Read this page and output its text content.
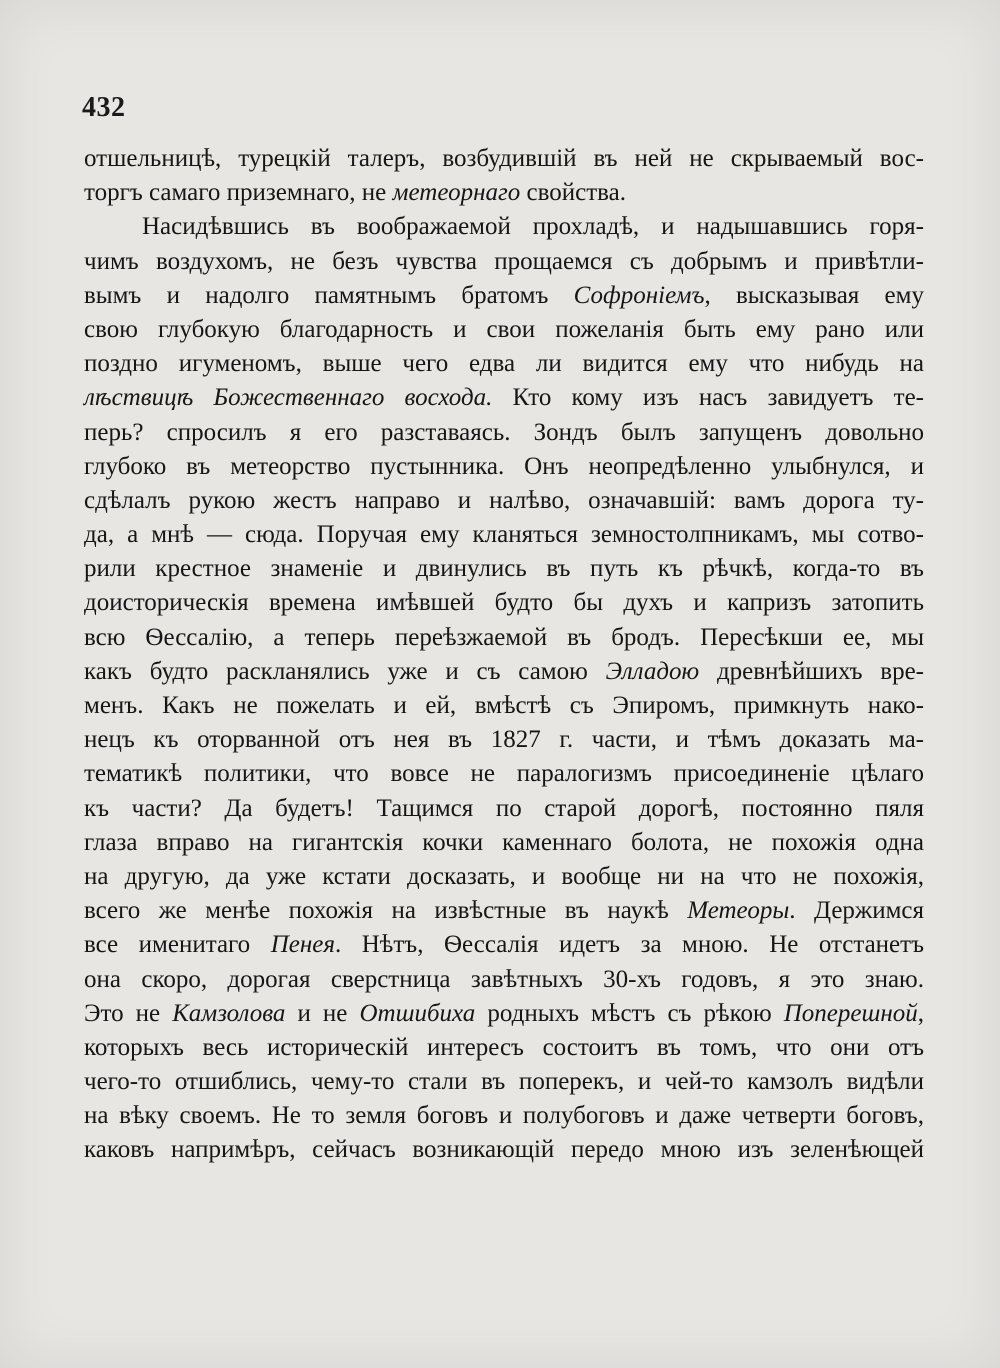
432
отшельницѣ, турецкій талеръ, возбудившій въ ней не скрываемый вос-
торгъ самаго приземнаго, не метеорнаго свойства.
Насидѣвшись въ воображаемой прохладѣ, и надышавшись горя-
чимъ воздухомъ, не безъ чувства прощаемся съ добрымъ и привѣтли-
вымъ и надолго памятнымъ братомъ Софроніемъ, высказывая ему
свою глубокую благодарность и свои пожеланія быть ему рано или
поздно игуменомъ, выше чего едва ли видится ему что нибудь на
лѣствицѣ Божественнаго восхода. Кто кому изъ насъ завидуетъ те-
перь? спросилъ я его разставаясь. Зондъ былъ запущенъ довольно
глубоко въ метеорство пустынника. Онъ неопредѣленно улыбнулся, и
сдѣлалъ рукою жестъ направо и налѣво, означавшій: вамъ дорога ту-
да, а мнѣ — сюда. Поручая ему кланяться земностолпникамъ, мы сотво-
рили крестное знаменіе и двинулись въ путь къ рѣчкѣ, когда-то въ
доисторическія времена имѣвшей будто бы духъ и капризъ затопить
всю Ѳессалію, а теперь переѣзжаемой въ бродъ. Пересѣкши ее, мы
какъ будто раскланялись уже и съ самою Элладою древнѣйшихъ вре-
менъ. Какъ не пожелать и ей, вмѣстѣ съ Эпиромъ, примкнуть нако-
нецъ къ оторванной отъ нея въ 1827 г. части, и тѣмъ доказать ма-
тематикѣ политики, что вовсе не паралогизмъ присоединеніе цѣлаго
къ части? Да будетъ! Тащимся по старой дорогѣ, постоянно пяля
глаза вправо на гигантскія кочки каменнаго болота, не похожія одна
на другую, да уже кстати досказать, и вообще ни на что не похожія,
всего же менѣе похожія на извѣстные въ наукѣ Метеоры. Держимся
все именитаго Пенея. Нѣтъ, Ѳессалія идетъ за мною. Не отстанетъ
она скоро, дорогая сверстница завѣтныхъ 30-хъ годовъ, я это знаю.
Это не Камзолова и не Отшибиха родныхъ мѣстъ съ рѣкою Поперешной,
которыхъ весь историческій интересъ состоитъ въ томъ, что они отъ
чего-то отшиблись, чему-то стали въ поперекъ, и чей-то камзолъ видѣли
на вѣку своемъ. Не то земля боговъ и полубоговъ и даже четверти боговъ,
каковъ напримѣръ, сейчасъ возникающій передо мною изъ зеленѣющей
